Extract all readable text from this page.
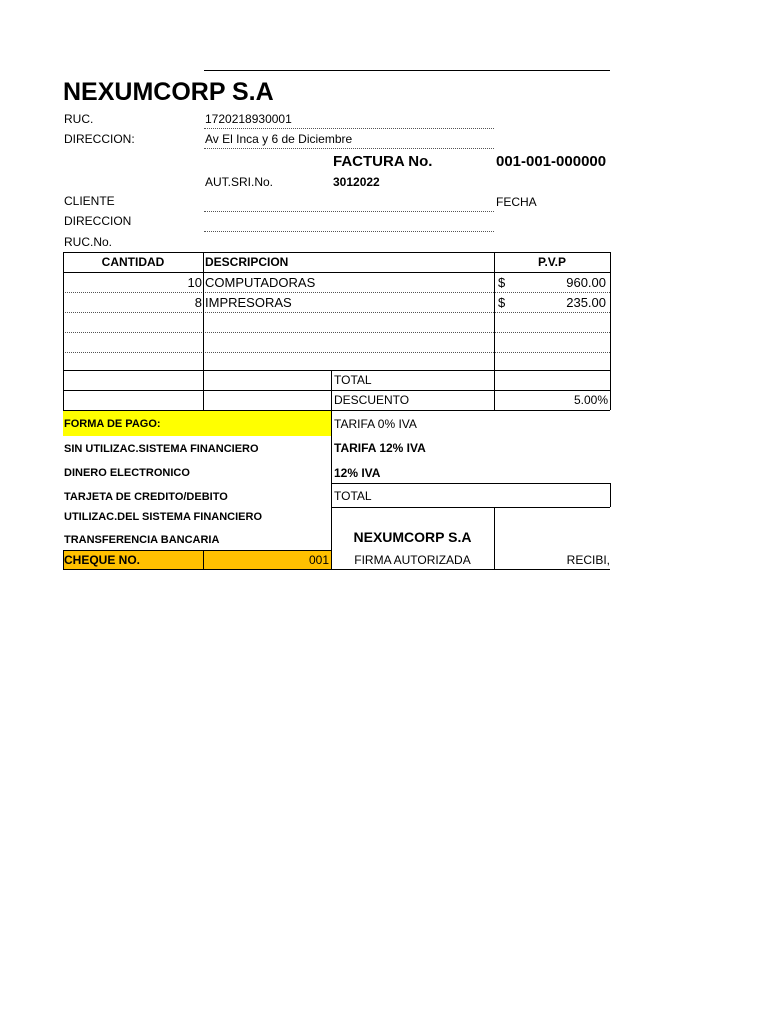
NEXUMCORP S.A
RUC.	1720218930001
DIRECCION:	Av El Inca y 6 de Diciembre
FACTURA No.	001-001-000000
AUT.SRI.No.	3012022
CLIENTE	FECHA
DIRECCION
RUC.No.
CANTIDAD	DESCRIPCION	P.V.P
10 COMPUTADORAS	$	960.00
8 IMPRESORAS	$	235.00
TOTAL
DESCUENTO	5.00%
FORMA DE PAGO:
SIN UTILIZAC.SISTEMA FINANCIERO
DINERO ELECTRONICO
TARJETA DE CREDITO/DEBITO
UTILIZAC.DEL SISTEMA FINANCIERO
TRANSFERENCIA BANCARIA
CHEQUE NO.	001
TARIFA 0% IVA
TARIFA 12% IVA
12% IVA
TOTAL
NEXUMCORP S.A
FIRMA AUTORIZADA	RECIBI,
